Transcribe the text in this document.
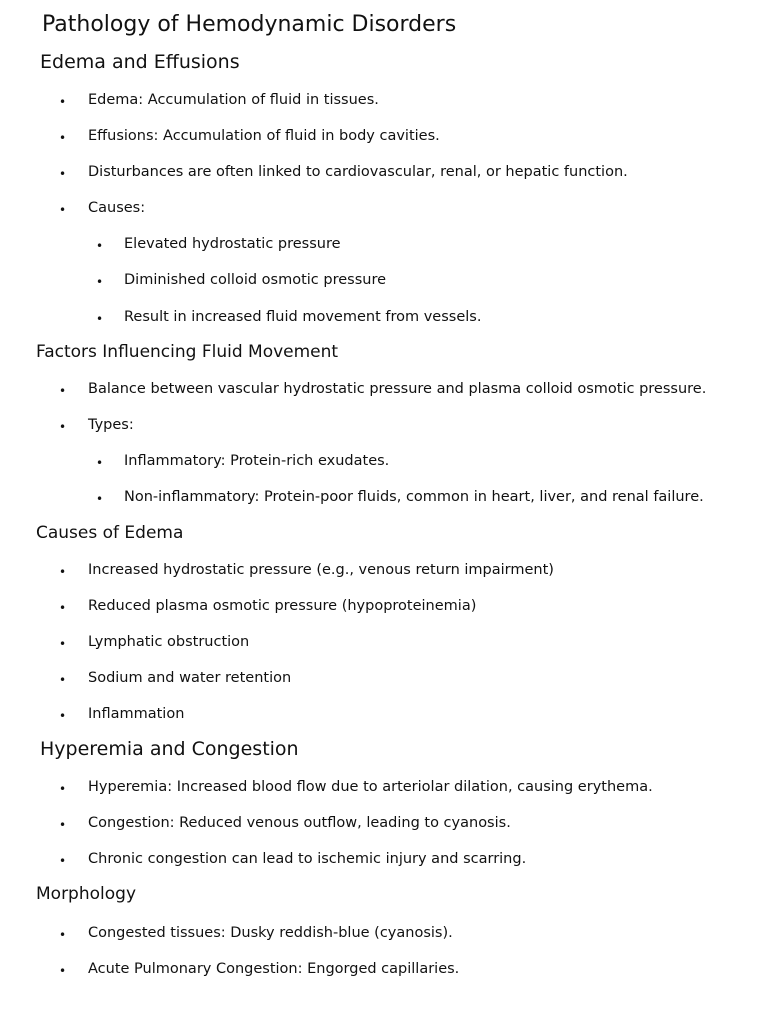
Pathology of Hemodynamic Disorders
Edema and Effusions
• Edema: Accumulation of fluid in tissues.
• Effusions: Accumulation of fluid in body cavities.
• Disturbances are often linked to cardiovascular, renal, or hepatic function.
• Causes:
• Elevated hydrostatic pressure
• Diminished colloid osmotic pressure
• Result in increased fluid movement from vessels.
Factors Influencing Fluid Movement
• Balance between vascular hydrostatic pressure and plasma colloid osmotic pressure.
• Types:
• Inflammatory: Protein-rich exudates.
• Non-inflammatory: Protein-poor fluids, common in heart, liver, and renal failure.
Causes of Edema
• Increased hydrostatic pressure (e.g., venous return impairment)
• Reduced plasma osmotic pressure (hypoproteinemia)
• Lymphatic obstruction
• Sodium and water retention
• Inflammation
Hyperemia and Congestion
• Hyperemia: Increased blood flow due to arteriolar dilation, causing erythema.
• Congestion: Reduced venous outflow, leading to cyanosis.
• Chronic congestion can lead to ischemic injury and scarring.
Morphology
• Congested tissues: Dusky reddish-blue (cyanosis).
• Acute Pulmonary Congestion: Engorged capillaries.
